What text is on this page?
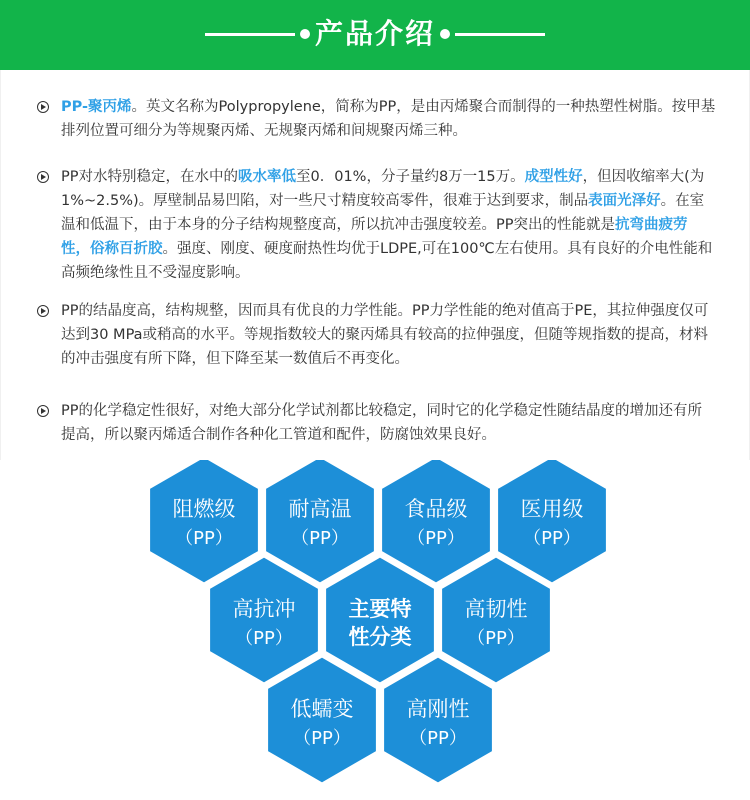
产品介绍
PP-聚丙烯。英文名称为Polypropylene，简称为PP，是由丙烯聚合而制得的一种热塑性树脂。按甲基排列位置可细分为等规聚丙烯、无规聚丙烯和间规聚丙烯三种。
PP对水特别稳定，在水中的吸水率低至0．01%，分子量约8万一15万。成型性好，但因收缩率大(为1%~2.5%)。厚壁制品易凹陷，对一些尺寸精度较高零件，很难于达到要求，制品表面光泽好。在室温和低温下，由于本身的分子结构规整度高，所以抗冲击强度较差。PP突出的性能就是抗弯曲疲劳性，俗称百折胶。强度、刚度、硬度耐热性均优于LDPE,可在100℃左右使用。具有良好的介电性能和高频绝缘性且不受湿度影响。
PP的结晶度高，结构规整，因而具有优良的力学性能。PP力学性能的绝对值高于PE，其拉伸强度仅可达到30 MPa或稍高的水平。等规指数较大的聚丙烯具有较高的拉伸强度，但随等规指数的提高，材料的冲击强度有所下降，但下降至某一数值后不再变化。
PP的化学稳定性很好，对绝大部分化学试剂都比较稳定，同时它的化学稳定性随结晶度的增加还有所提高，所以聚丙烯适合制作各种化工管道和配件，防腐蚀效果良好。
阻燃级
（PP）
耐高温
（PP）
食品级
（PP）
医用级
（PP）
高抗冲
（PP）
主要特
性分类
高韧性
（PP）
低蠕变
（PP）
高刚性
（PP）
